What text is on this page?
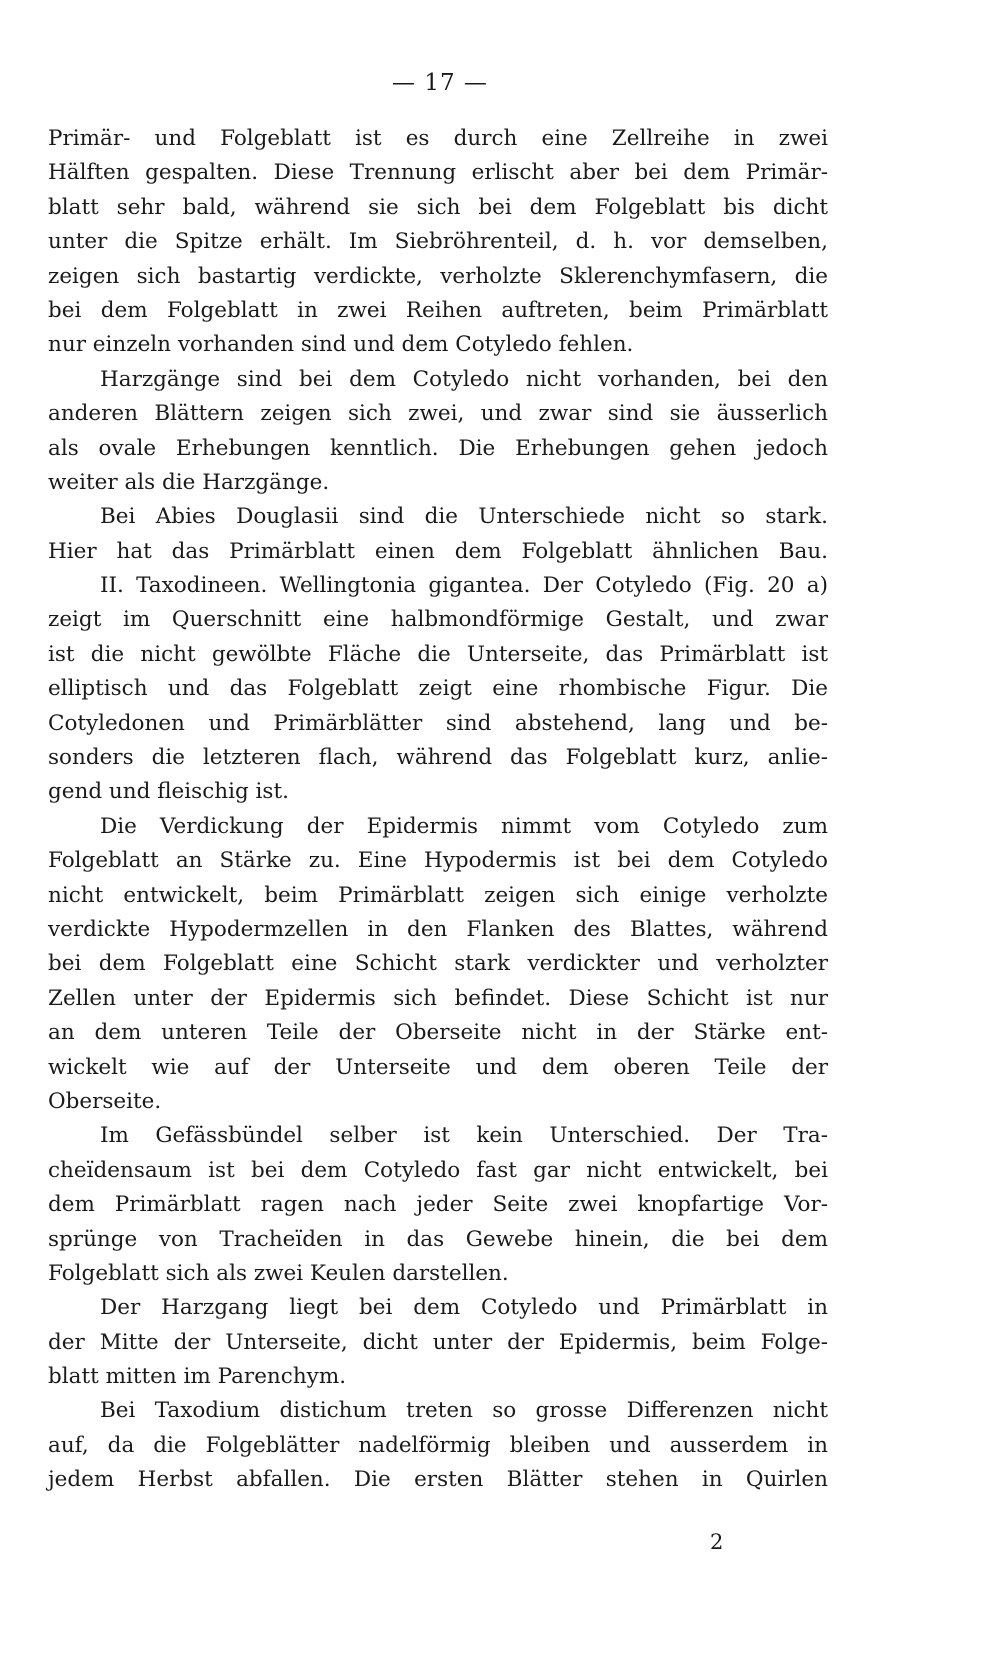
— 17 —
Primär- und Folgeblatt ist es durch eine Zellreihe in zwei
Hälften gespalten. Diese Trennung erlischt aber bei dem Primär-
blatt sehr bald, während sie sich bei dem Folgeblatt bis dicht
unter die Spitze erhält. Im Siebröhrenteil, d. h. vor demselben,
zeigen sich bastartig verdickte, verholzte Sklerenchymfasern, die
bei dem Folgeblatt in zwei Reihen auftreten, beim Primärblatt
nur einzeln vorhanden sind und dem Cotyledo fehlen.
Harzgänge sind bei dem Cotyledo nicht vorhanden, bei den
anderen Blättern zeigen sich zwei, und zwar sind sie äusserlich
als ovale Erhebungen kenntlich. Die Erhebungen gehen jedoch
weiter als die Harzgänge.
Bei Abies Douglasii sind die Unterschiede nicht so stark.
Hier hat das Primärblatt einen dem Folgeblatt ähnlichen Bau.
II. Taxodineen. Wellingtonia gigantea. Der Cotyledo (Fig. 20 a)
zeigt im Querschnitt eine halbmondförmige Gestalt, und zwar
ist die nicht gewölbte Fläche die Unterseite, das Primärblatt ist
elliptisch und das Folgeblatt zeigt eine rhombische Figur. Die
Cotyledonen und Primärblätter sind abstehend, lang und be-
sonders die letzteren flach, während das Folgeblatt kurz, anlie-
gend und fleischig ist.
Die Verdickung der Epidermis nimmt vom Cotyledo zum
Folgeblatt an Stärke zu. Eine Hypodermis ist bei dem Cotyledo
nicht entwickelt, beim Primärblatt zeigen sich einige verholzte
verdickte Hypodermzellen in den Flanken des Blattes, während
bei dem Folgeblatt eine Schicht stark verdickter und verholzter
Zellen unter der Epidermis sich befindet. Diese Schicht ist nur
an dem unteren Teile der Oberseite nicht in der Stärke ent-
wickelt wie auf der Unterseite und dem oberen Teile der
Oberseite.
Im Gefässbündel selber ist kein Unterschied. Der Tra-
cheïdensaum ist bei dem Cotyledo fast gar nicht entwickelt, bei
dem Primärblatt ragen nach jeder Seite zwei knopfartige Vor-
sprünge von Tracheïden in das Gewebe hinein, die bei dem
Folgeblatt sich als zwei Keulen darstellen.
Der Harzgang liegt bei dem Cotyledo und Primärblatt in
der Mitte der Unterseite, dicht unter der Epidermis, beim Folge-
blatt mitten im Parenchym.
Bei Taxodium distichum treten so grosse Differenzen nicht
auf, da die Folgeblätter nadelförmig bleiben und ausserdem in
jedem Herbst abfallen. Die ersten Blätter stehen in Quirlen
2
